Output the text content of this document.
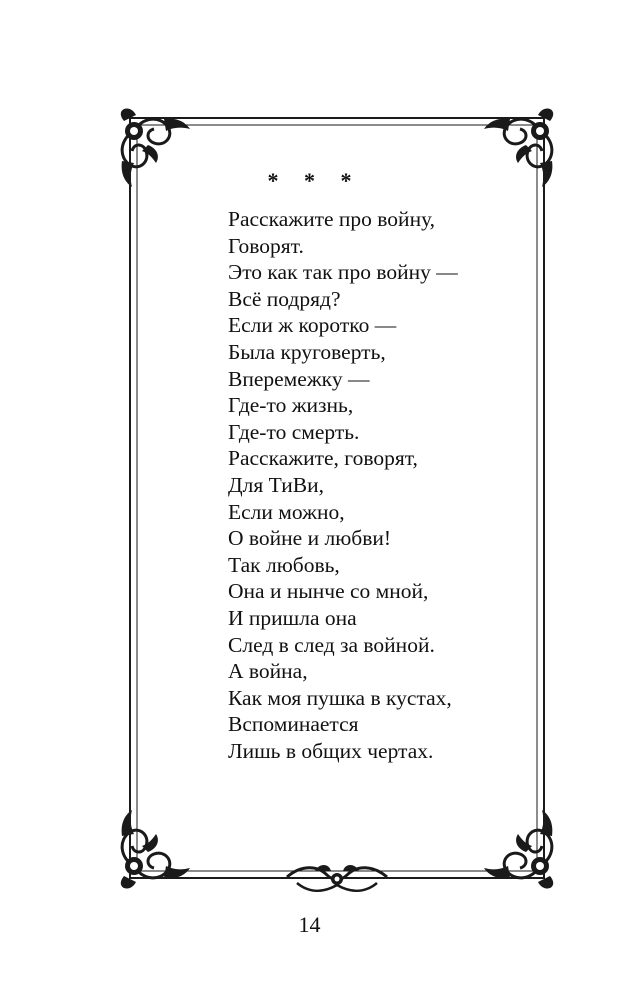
* * *
Расскажите про войну,
Говорят.
Это как так про войну —
Всё подряд?
Если ж коротко —
Была круговерть,
Вперемежку —
Где-то жизнь,
Где-то смерть.
Расскажите, говорят,
Для ТиВи,
Если можно,
О войне и любви!
Так любовь,
Она и нынче со мной,
И пришла она
След в след за войной.
А война,
Как моя пушка в кустах,
Вспоминается
Лишь в общих чертах.
14
